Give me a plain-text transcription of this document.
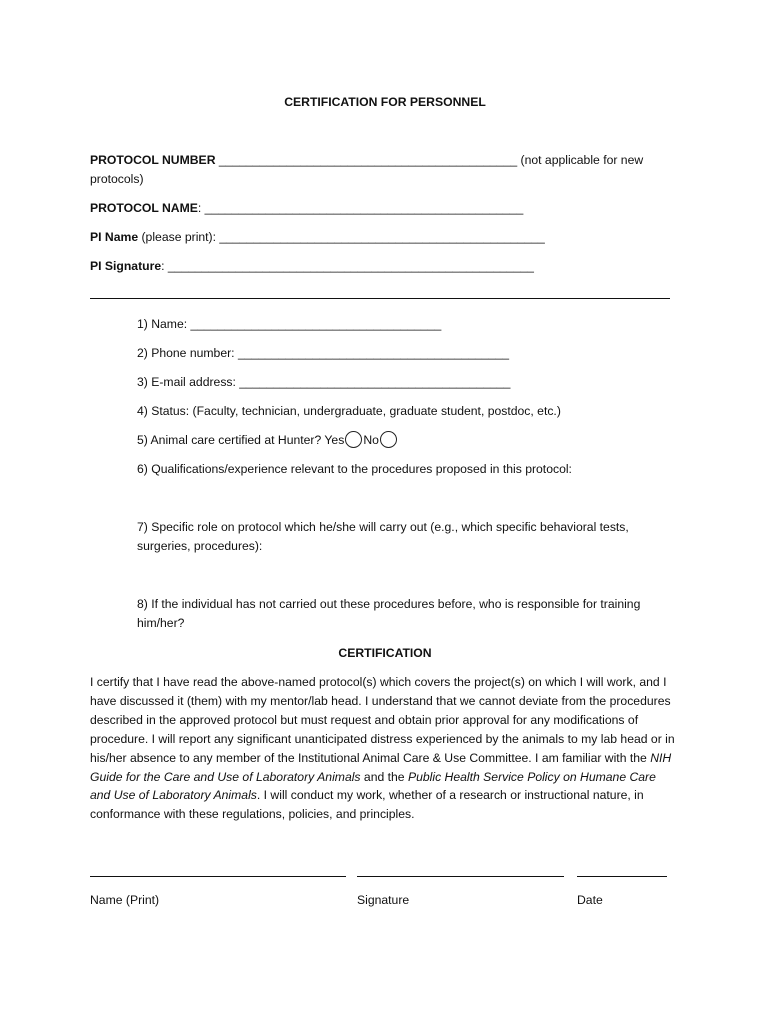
CERTIFICATION FOR PERSONNEL
PROTOCOL NUMBER ____________________________________________ (not applicable for new
protocols)
PROTOCOL NAME: _______________________________________________
PI Name (please print): ________________________________________________
PI Signature: ______________________________________________________
1) Name: _____________________________________
2) Phone number: ________________________________________
3) E-mail address: ________________________________________
4) Status: (Faculty, technician, undergraduate, graduate student, postdoc, etc.)
5) Animal care certified at Hunter? Yes No
6) Qualifications/experience relevant to the procedures proposed in this protocol:
7) Specific role on protocol which he/she will carry out (e.g., which specific behavioral tests,
surgeries, procedures):
8) If the individual has not carried out these procedures before, who is responsible for training
him/her?
CERTIFICATION
I certify that I have read the above-named protocol(s) which covers the project(s) on which I will work, and I have discussed it (them) with my mentor/lab head. I understand that we cannot deviate from the procedures described in the approved protocol but must request and obtain prior approval for any modifications of procedure. I will report any significant unanticipated distress experienced by the animals to my lab head or in his/her absence to any member of the Institutional Animal Care & Use Committee. I am familiar with the NIH Guide for the Care and Use of Laboratory Animals and the Public Health Service Policy on Humane Care and Use of Laboratory Animals. I will conduct my work, whether of a research or instructional nature, in conformance with these regulations, policies, and principles.
Name (Print)	Signature	Date
